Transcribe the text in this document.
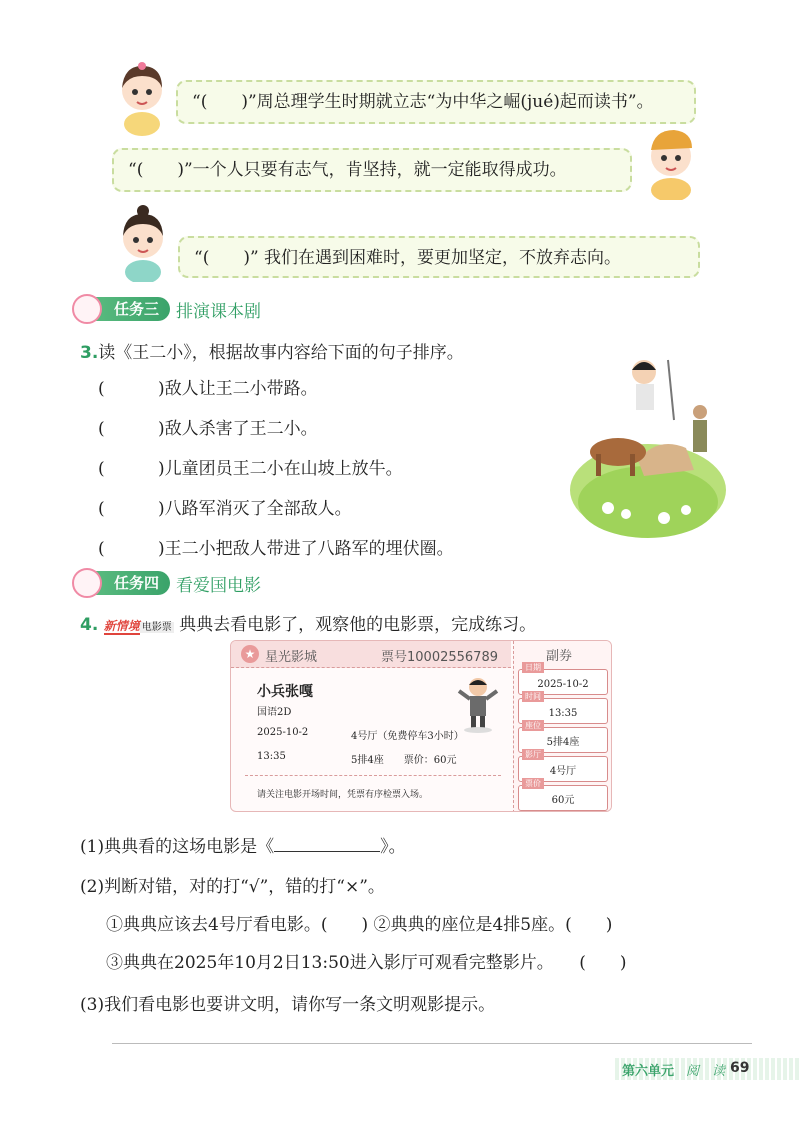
“(　　)”周总理学生时期就立志“为中华之崛(jué)起而读书”。
“(　　)”一个人只要有志气，肯坚持，就一定能取得成功。
“(　　)” 我们在遇到困难时，要更加坚定，不放弃志向。
任务三 排演课本剧
3.读《王二小》，根据故事内容给下面的句子排序。
(	)敌人让王二小带路。
(	)敌人杀害了王二小。
(	)儿童团员王二小在山坡上放牛。
(	)八路军消灭了全部敌人。
(	)王二小把敌人带进了八路军的埋伏圈。
任务四 看爱国电影
4. 新情境 电影票 典典去看电影了，观察他的电影票，完成练习。
★ 星光影城	票号10002556789
小兵张嘎
国语2D
2025-10-2	4号厅（免费停车3小时）
13:35	5排4座　　票价：60元
请关注电影开场时间，凭票有序检票入场。
副券
日期
2025-10-2
时间
13:35
座位
5排4座
影厅
4号厅
票价
60元
(1)典典看的这场电影是《	》。
(2)判断对错，对的打“√”，错的打“×”。
①典典应该去4号厅看电影。(　　) ②典典的座位是4排5座。(　　)
③典典在2025年10月2日13:50进入影厅可观看完整影片。　　(　　)
(3)我们看电影也要讲文明，请你写一条文明观影提示。
第六单元 阅　读 69
